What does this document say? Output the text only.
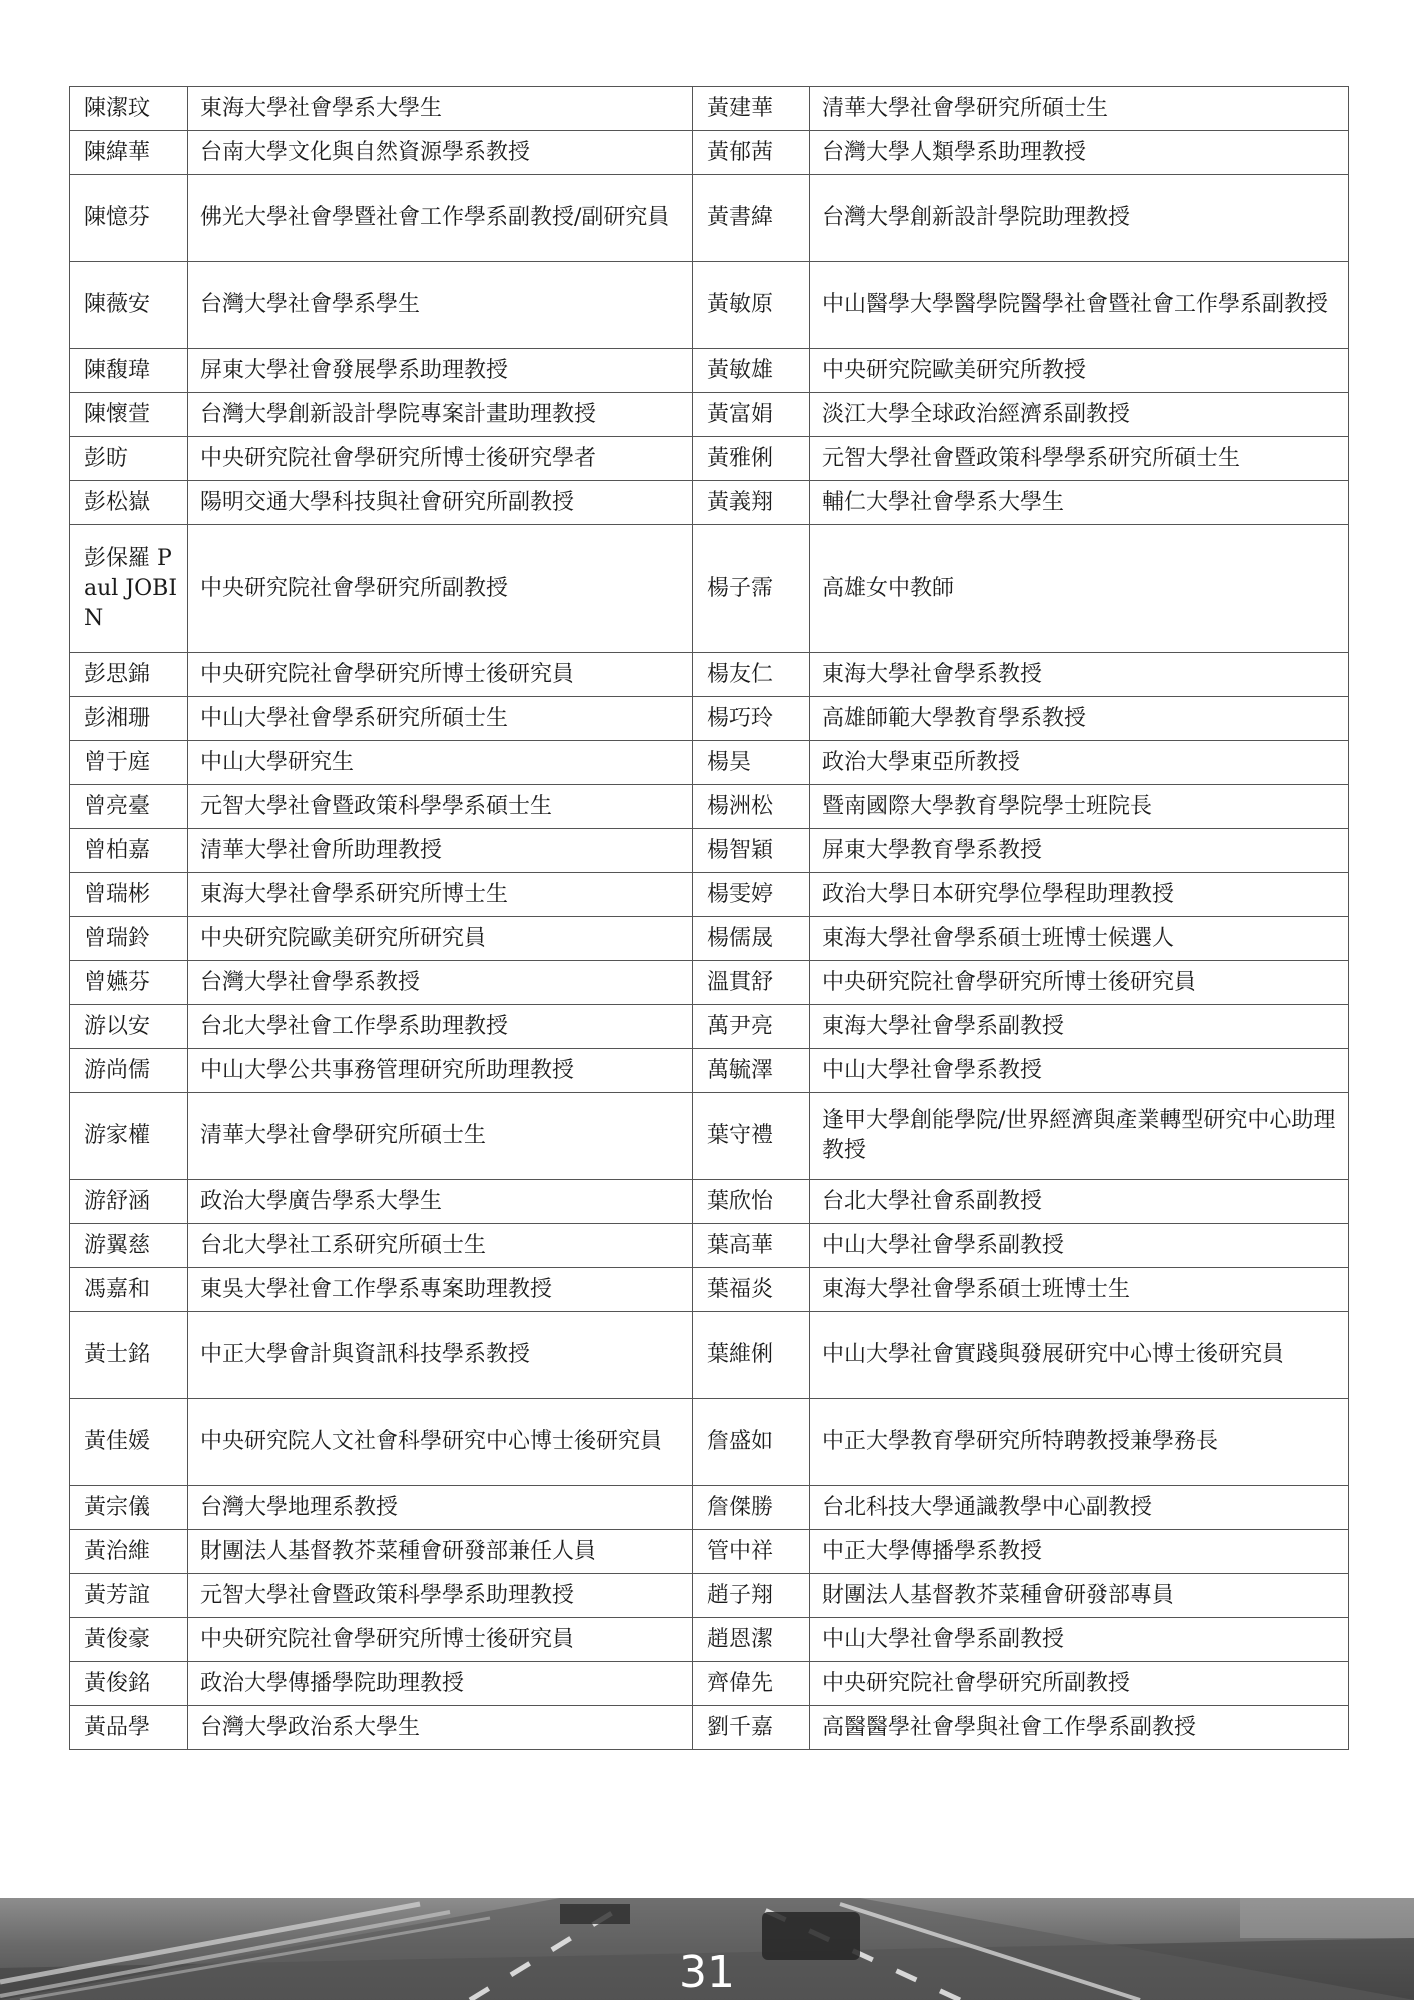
陳潔玟	東海大學社會學系大學生	黃建華	清華大學社會學研究所碩士生
陳緯華	台南大學文化與自然資源學系教授	黃郁茜	台灣大學人類學系助理教授
陳憶芬	佛光大學社會學暨社會工作學系副教授/副研究員	黃書緯	台灣大學創新設計學院助理教授
陳薇安	台灣大學社會學系學生	黃敏原	中山醫學大學醫學院醫學社會暨社會工作學系副教授
陳馥瑋	屏東大學社會發展學系助理教授	黃敏雄	中央研究院歐美研究所教授
陳懷萱	台灣大學創新設計學院專案計畫助理教授	黃富娟	淡江大學全球政治經濟系副教授
彭昉	中央研究院社會學研究所博士後研究學者	黃雅俐	元智大學社會暨政策科學學系研究所碩士生
彭松嶽	陽明交通大學科技與社會研究所副教授	黃義翔	輔仁大學社會學系大學生
彭保羅 Paul JOBIN	中央研究院社會學研究所副教授	楊子霈	高雄女中教師
彭思錦	中央研究院社會學研究所博士後研究員	楊友仁	東海大學社會學系教授
彭湘珊	中山大學社會學系研究所碩士生	楊巧玲	高雄師範大學教育學系教授
曾于庭	中山大學研究生	楊昊	政治大學東亞所教授
曾亮臺	元智大學社會暨政策科學學系碩士生	楊洲松	暨南國際大學教育學院學士班院長
曾柏嘉	清華大學社會所助理教授	楊智穎	屏東大學教育學系教授
曾瑞彬	東海大學社會學系研究所博士生	楊雯婷	政治大學日本研究學位學程助理教授
曾瑞鈴	中央研究院歐美研究所研究員	楊儒晟	東海大學社會學系碩士班博士候選人
曾嬿芬	台灣大學社會學系教授	溫貫舒	中央研究院社會學研究所博士後研究員
游以安	台北大學社會工作學系助理教授	萬尹亮	東海大學社會學系副教授
游尚儒	中山大學公共事務管理研究所助理教授	萬毓澤	中山大學社會學系教授
游家權	清華大學社會學研究所碩士生	葉守禮	逢甲大學創能學院/世界經濟與產業轉型研究中心助理教授
游舒涵	政治大學廣告學系大學生	葉欣怡	台北大學社會系副教授
游翼慈	台北大學社工系研究所碩士生	葉高華	中山大學社會學系副教授
馮嘉和	東吳大學社會工作學系專案助理教授	葉福炎	東海大學社會學系碩士班博士生
黃士銘	中正大學會計與資訊科技學系教授	葉維俐	中山大學社會實踐與發展研究中心博士後研究員
黃佳媛	中央研究院人文社會科學研究中心博士後研究員	詹盛如	中正大學教育學研究所特聘教授兼學務長
黃宗儀	台灣大學地理系教授	詹傑勝	台北科技大學通識教學中心副教授
黃治維	財團法人基督教芥菜種會研發部兼任人員	管中祥	中正大學傳播學系教授
黃芳誼	元智大學社會暨政策科學學系助理教授	趙子翔	財團法人基督教芥菜種會研發部專員
黃俊豪	中央研究院社會學研究所博士後研究員	趙恩潔	中山大學社會學系副教授
黃俊銘	政治大學傳播學院助理教授	齊偉先	中央研究院社會學研究所副教授
黃品學	台灣大學政治系大學生	劉千嘉	高醫醫學社會學與社會工作學系副教授
31
